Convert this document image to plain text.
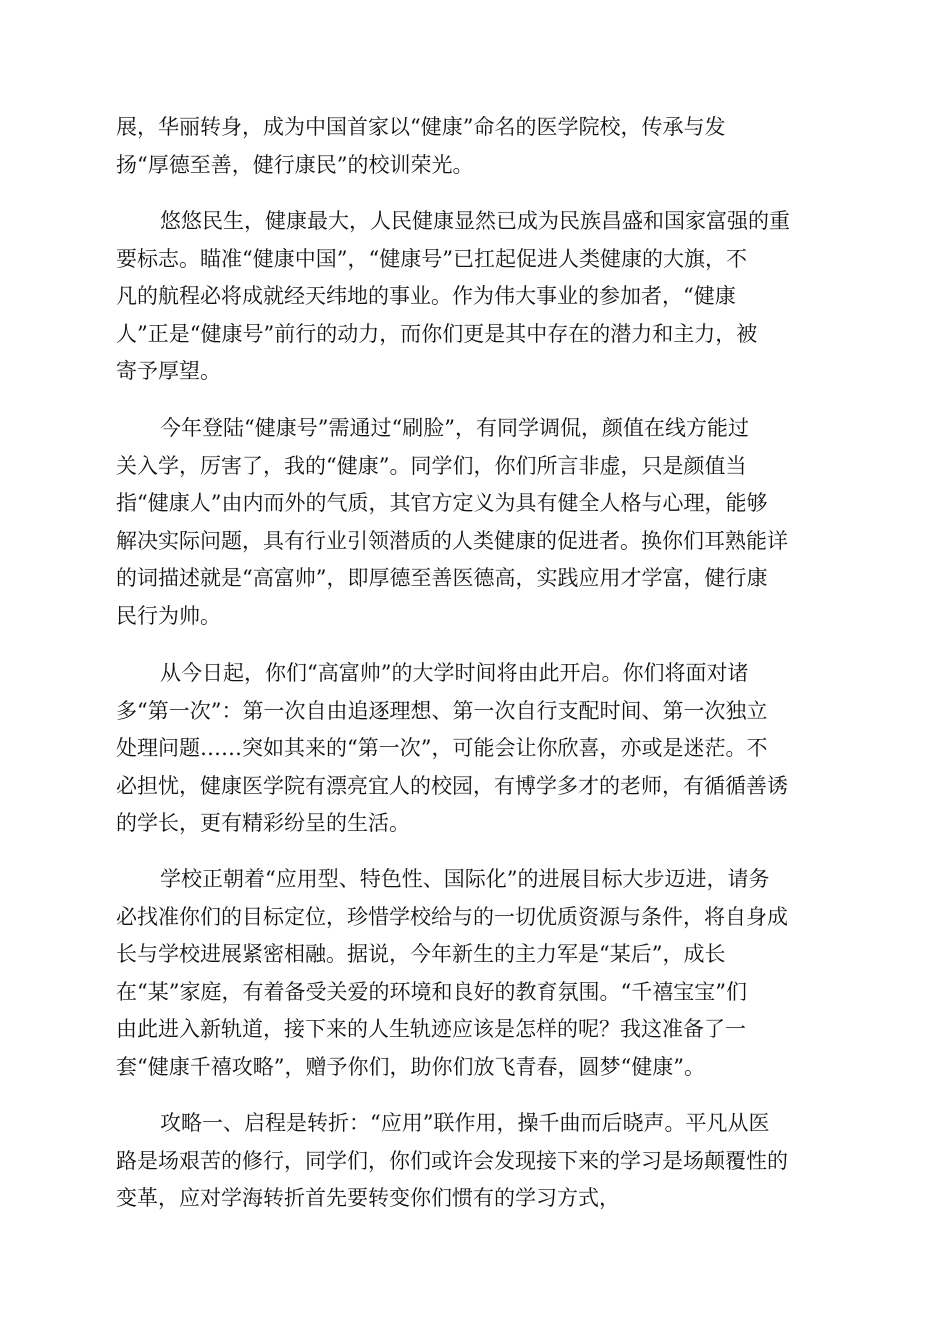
展，华丽转身，成为中国首家以“健康”命名的医学院校，传承与发
扬“厚德至善，健行康民”的校训荣光。
悠悠民生，健康最大，人民健康显然已成为民族昌盛和国家富强的重
要标志。瞄准“健康中国”，“健康号”已扛起促进人类健康的大旗，不
凡的航程必将成就经天纬地的事业。作为伟大事业的参加者，“健康
人”正是“健康号”前行的动力，而你们更是其中存在的潜力和主力，被
寄予厚望。
今年登陆“健康号”需通过“刷脸”，有同学调侃，颜值在线方能过
关入学，厉害了，我的“健康”。同学们，你们所言非虚，只是颜值当
指“健康人”由内而外的气质，其官方定义为具有健全人格与心理，能够
解决实际问题，具有行业引领潜质的人类健康的促进者。换你们耳熟能详
的词描述就是“高富帅”，即厚德至善医德高，实践应用才学富，健行康
民行为帅。
从今日起，你们“高富帅”的大学时间将由此开启。你们将面对诸
多“第一次”：第一次自由追逐理想、第一次自行支配时间、第一次独立
处理问题……突如其来的“第一次”，可能会让你欣喜，亦或是迷茫。不
必担忧，健康医学院有漂亮宜人的校园，有博学多才的老师，有循循善诱
的学长，更有精彩纷呈的生活。
学校正朝着“应用型、特色性、国际化”的进展目标大步迈进，请务
必找准你们的目标定位，珍惜学校给与的一切优质资源与条件，将自身成
长与学校进展紧密相融。据说，今年新生的主力军是“某后”，成长
在“某”家庭，有着备受关爱的环境和良好的教育氛围。“千禧宝宝”们
由此进入新轨道，接下来的人生轨迹应该是怎样的呢？我这准备了一
套“健康千禧攻略”，赠予你们，助你们放飞青春，圆梦“健康”。
攻略一、启程是转折：“应用”联作用，操千曲而后晓声。平凡从医
路是场艰苦的修行，同学们，你们或许会发现接下来的学习是场颠覆性的
变革，应对学海转折首先要转变你们惯有的学习方式，
